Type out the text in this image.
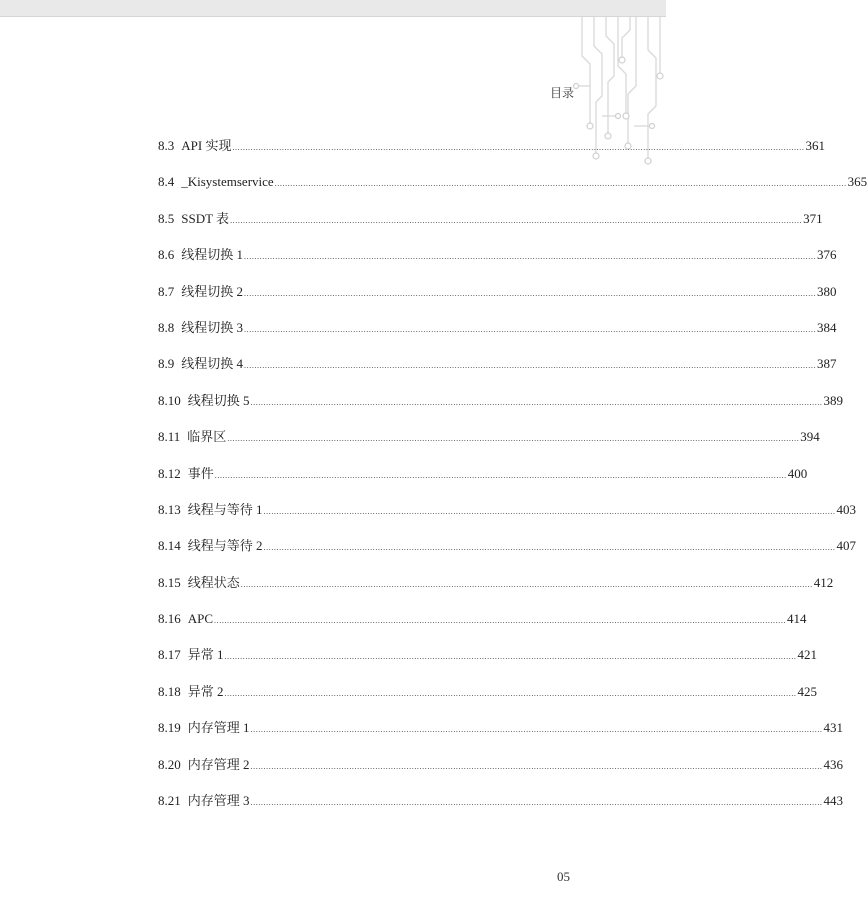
目录
8.3 API 实现 ............................................................................................................................................................................................................................ 361
8.4 _Kisystemservice ............................................................................................................................................................................................................................ 365
8.5 SSDT 表 ............................................................................................................................................................................................................................ 371
8.6 线程切换 1 ............................................................................................................................................................................................................................ 376
8.7 线程切换 2 ............................................................................................................................................................................................................................ 380
8.8 线程切换 3 ............................................................................................................................................................................................................................ 384
8.9 线程切换 4 ............................................................................................................................................................................................................................ 387
8.10 线程切换 5 ............................................................................................................................................................................................................................ 389
8.11 临界区 ............................................................................................................................................................................................................................ 394
8.12 事件 ............................................................................................................................................................................................................................ 400
8.13 线程与等待 1 ............................................................................................................................................................................................................................ 403
8.14 线程与等待 2 ............................................................................................................................................................................................................................ 407
8.15 线程状态 ............................................................................................................................................................................................................................ 412
8.16 APC ............................................................................................................................................................................................................................ 414
8.17 异常 1 ............................................................................................................................................................................................................................ 421
8.18 异常 2 ............................................................................................................................................................................................................................ 425
8.19 内存管理 1 ............................................................................................................................................................................................................................ 431
8.20 内存管理 2 ............................................................................................................................................................................................................................ 436
8.21 内存管理 3 ............................................................................................................................................................................................................................ 443
05
